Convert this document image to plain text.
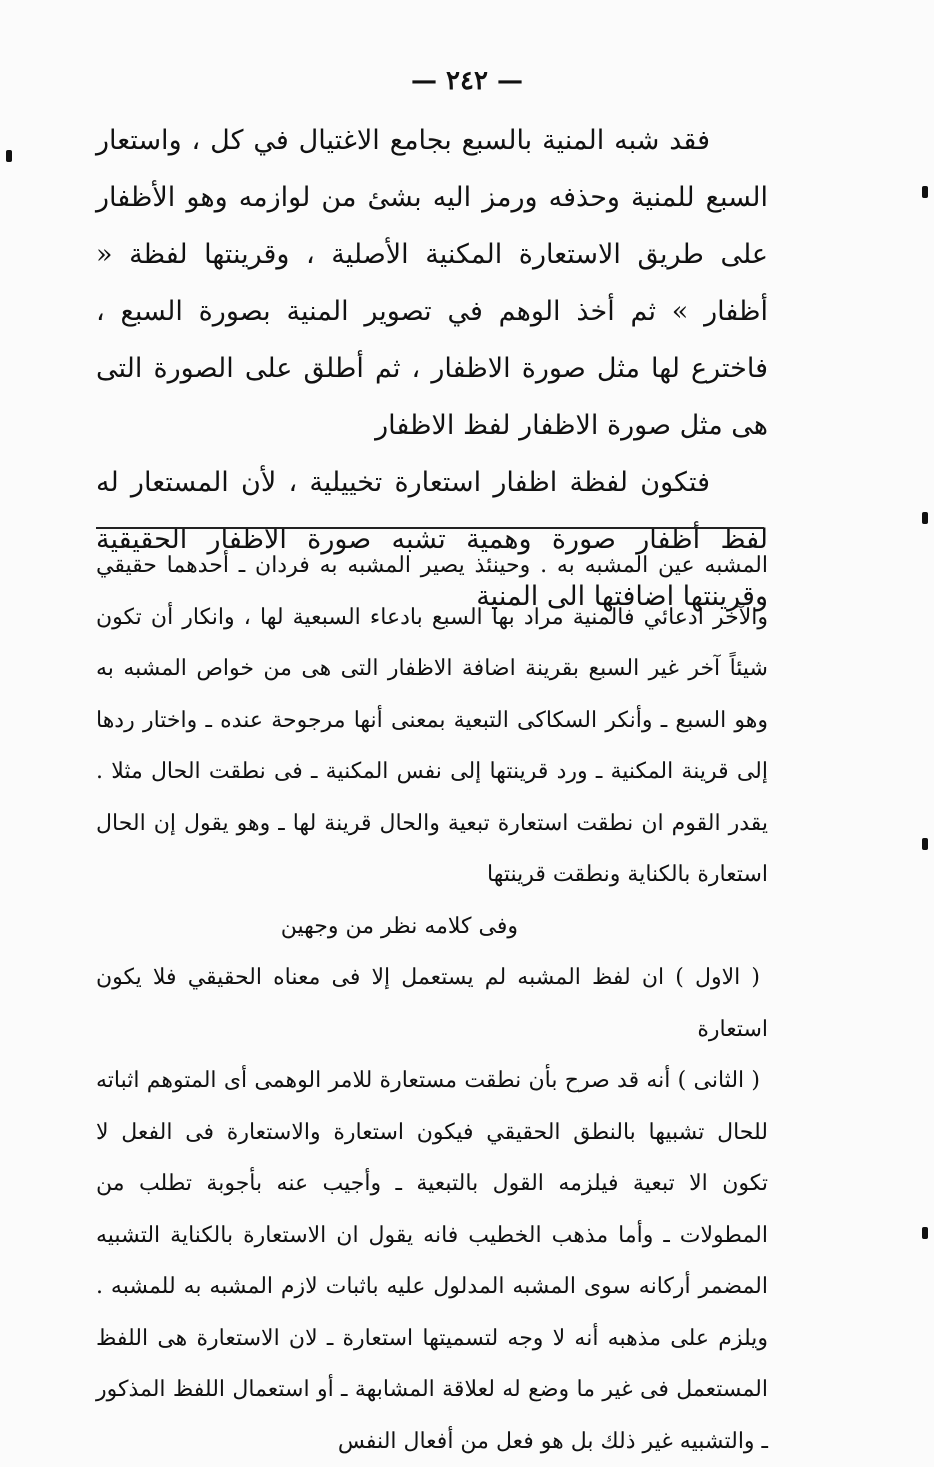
— ٢٤٢ —

فقد شبه المنية بالسبع بجامع الاغتيال في كل ، واستعار السبع للمنية وحذفه ورمز اليه بشئ من لوازمه وهو الأظفار على طريق الاستعارة المكنية الأصلية ، وقرينتها لفظة « أظفار » ثم أخذ الوهم في تصوير المنية بصورة السبع ، فاخترع لها مثل صورة الاظفار ، ثم أطلق على الصورة التى هى مثل صورة الاظفار لفظ الاظفار

فتكون لفظة اظفار استعارة تخييلية ، لأن المستعار له لفظ أظفار صورة وهمية تشبه صورة الاظفار الحقيقية وقرينتها اضافتها الى المنية

المشبه عين المشبه به . وحينئذ يصير المشبه به فردان ـ أحدهما حقيقي والآخر ادعائي فالمنية مراد بها السبع بادعاء السبعية لها ، وانكار أن تكون شيئاً آخر غير السبع بقرينة اضافة الاظفار التى هى من خواص المشبه به وهو السبع ـ وأنكر السكاكى التبعية بمعنى أنها مرجوحة عنده ـ واختار ردها إلى قرينة المكنية ـ ورد قرينتها إلى نفس المكنية ـ فى نطقت الحال مثلا . يقدر القوم ان نطقت استعارة تبعية والحال قرينة لها ـ وهو يقول إن الحال استعارة بالكناية ونطقت قرينتها

وفى كلامه نظر من وجهين

( الاول ) ان لفظ المشبه لم يستعمل إلا فى معناه الحقيقي فلا يكون استعارة

( الثانى ) أنه قد صرح بأن نطقت مستعارة للامر الوهمى أى المتوهم اثباته للحال تشبيها بالنطق الحقيقي فيكون استعارة والاستعارة فى الفعل لا تكون الا تبعية فيلزمه القول بالتبعية ـ وأجيب عنه بأجوبة تطلب من المطولات ـ وأما مذهب الخطيب فانه يقول ان الاستعارة بالكناية التشبيه المضمر أركانه سوى المشبه المدلول عليه باثبات لازم المشبه به للمشبه . ويلزم على مذهبه أنه لا وجه لتسميتها استعارة ـ لان الاستعارة هى اللفظ المستعمل فى غير ما وضع له لعلاقة المشابهة ـ أو استعمال اللفظ المذكور ـ والتشبيه غير ذلك بل هو فعل من أفعال النفس
